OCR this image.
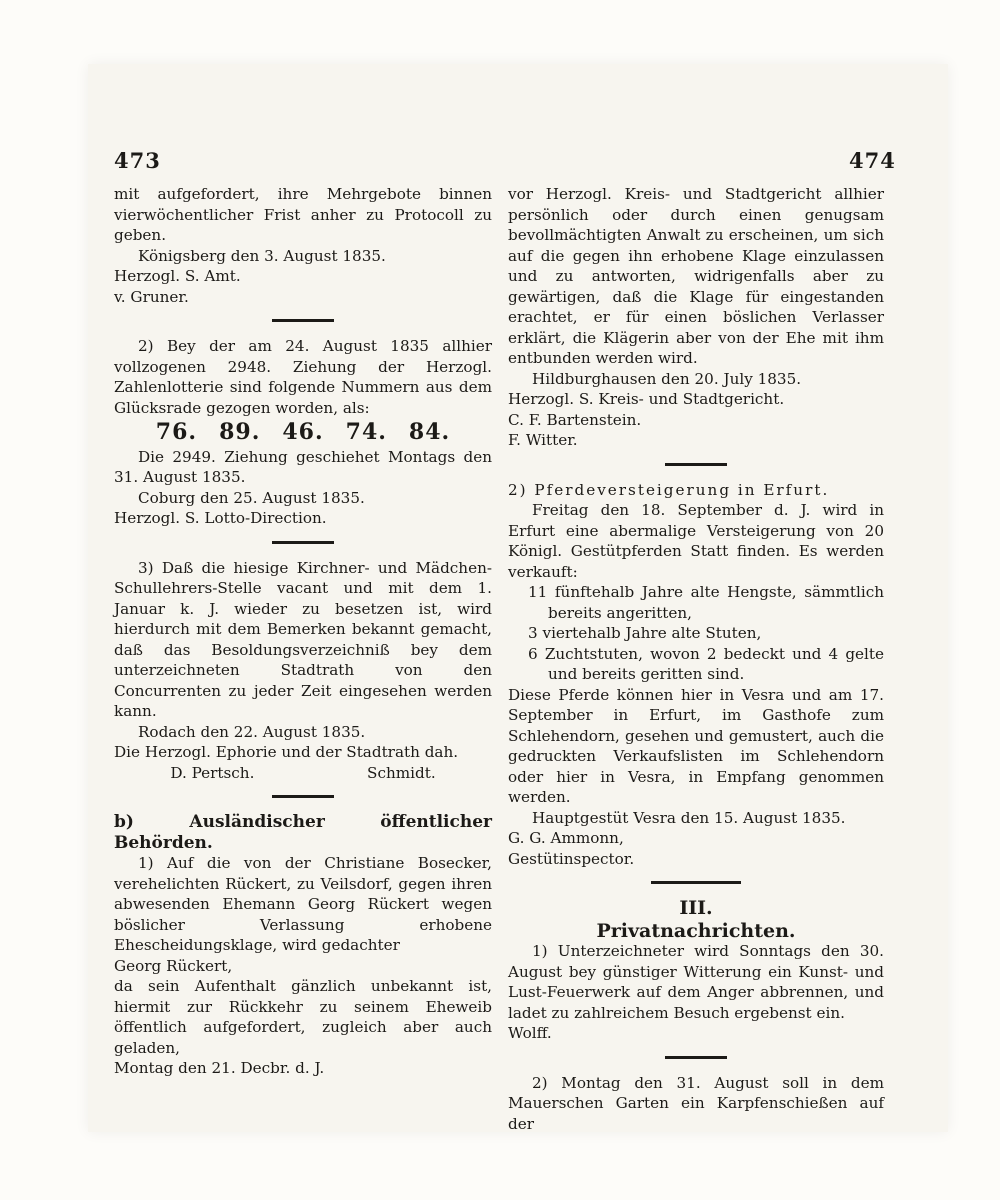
473	474

mit aufgefordert, ihre Mehrgebote binnen vierwöchentlicher Frist anher zu Protocoll zu geben.

Königsberg den 3. August 1835.

Herzogl. S. Amt.

v. Gruner.

2) Bey der am 24. August 1835 allhier vollzogenen 2948. Ziehung der Herzogl. Zahlenlotterie sind folgende Nummern aus dem Glücksrade gezogen worden, als:

76. 89. 46. 74. 84.

Die 2949. Ziehung geschiehet Montags den 31. August 1835.

Coburg den 25. August 1835.

Herzogl. S. Lotto-Direction.

3) Daß die hiesige Kirchner- und Mädchen-Schullehrers-Stelle vacant und mit dem 1. Januar k. J. wieder zu besetzen ist, wird hierdurch mit dem Bemerken bekannt gemacht, daß das Besoldungsverzeichniß bey dem unterzeichneten Stadtrath von den Concurrenten zu jeder Zeit eingesehen werden kann.

Rodach den 22. August 1835.

Die Herzogl. Ephorie und der Stadtrath dah.

D. Pertsch.	Schmidt.

b) Ausländischer öffentlicher Behörden.

1) Auf die von der Christiane Bosecker, verehelichten Rückert, zu Veilsdorf, gegen ihren abwesenden Ehemann Georg Rückert wegen böslicher Verlassung erhobene Ehescheidungsklage, wird gedachter

Georg Rückert,

da sein Aufenthalt gänzlich unbekannt ist, hiermit zur Rückkehr zu seinem Eheweib öffentlich aufgefordert, zugleich aber auch geladen,

Montag den 21. Decbr. d. J.

vor Herzogl. Kreis- und Stadtgericht allhier persönlich oder durch einen genugsam bevollmächtigten Anwalt zu erscheinen, um sich auf die gegen ihn erhobene Klage einzulassen und zu antworten, widrigenfalls aber zu gewärtigen, daß die Klage für eingestanden erachtet, er für einen böslichen Verlasser erklärt, die Klägerin aber von der Ehe mit ihm entbunden werden wird.

Hildburghausen den 20. July 1835.

Herzogl. S. Kreis- und Stadtgericht.

C. F. Bartenstein.

F. Witter.

2) Pferdeversteigerung in Erfurt.

Freitag den 18. September d. J. wird in Erfurt eine abermalige Versteigerung von 20 Königl. Gestütpferden Statt finden. Es werden verkauft:

11 fünftehalb Jahre alte Hengste, sämmtlich bereits angeritten,

3 viertehalb Jahre alte Stuten,

6 Zuchtstuten, wovon 2 bedeckt und 4 gelte und bereits geritten sind.

Diese Pferde können hier in Vesra und am 17. September in Erfurt, im Gasthofe zum Schlehendorn, gesehen und gemustert, auch die gedruckten Verkaufslisten im Schlehendorn oder hier in Vesra, in Empfang genommen werden.

Hauptgestüt Vesra den 15. August 1835.

G. G. Ammonn,

Gestütinspector.

III.

Privatnachrichten.

1) Unterzeichneter wird Sonntags den 30. August bey günstiger Witterung ein Kunst- und Lust-Feuerwerk auf dem Anger abbrennen, und ladet zu zahlreichem Besuch ergebenst ein.

Wolff.

2) Montag den 31. August soll in dem Mauerschen Garten ein Karpfenschießen auf der
